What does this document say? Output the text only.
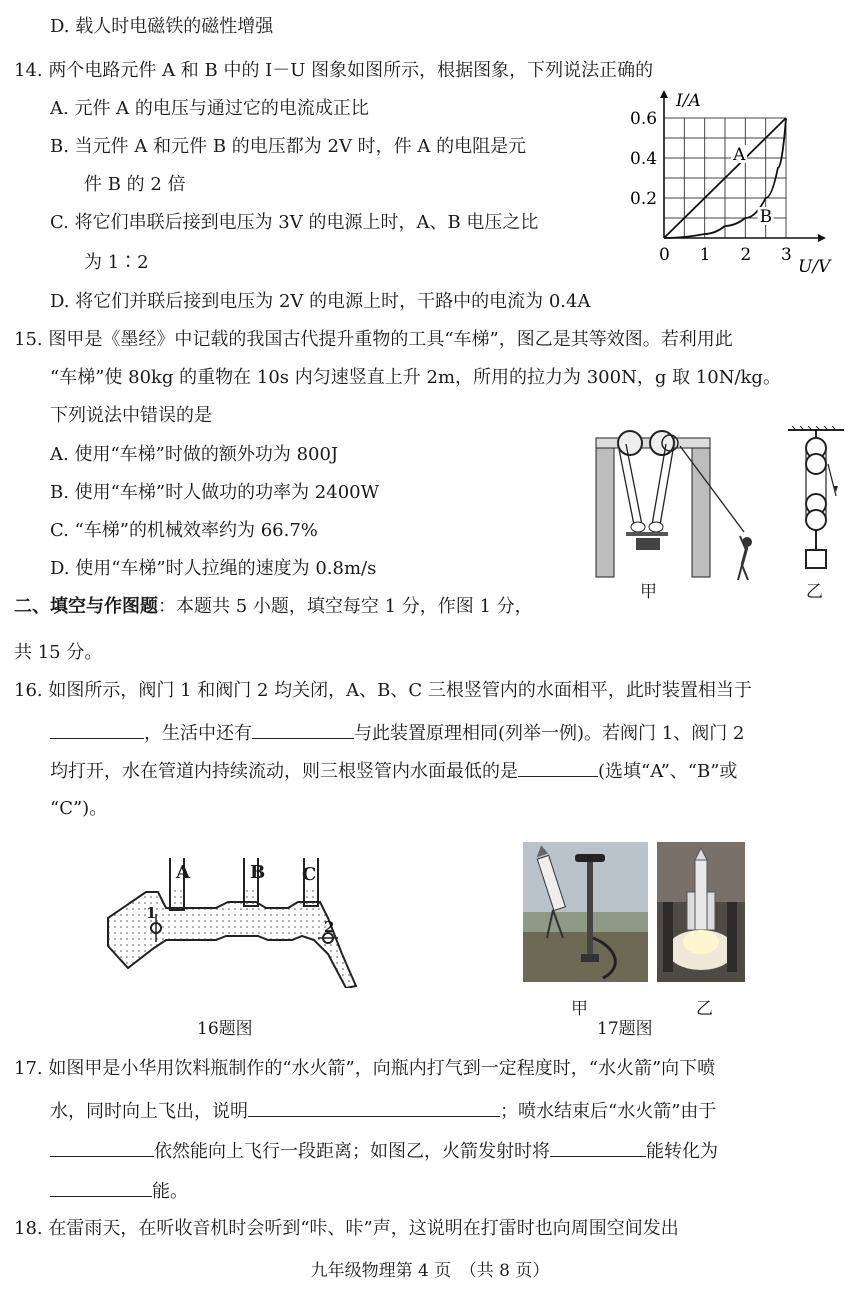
D. 载人时电磁铁的磁性增强
14. 两个电路元件 A 和 B 中的 I－U 图象如图所示，根据图象，下列说法正确的
A. 元件 A 的电压与通过它的电流成正比
B. 当元件 A 和元件 B 的电压都为 2V 时，件 A 的电阻是元
件 B 的 2 倍
C. 将它们串联后接到电压为 3V 的电源上时，A、B 电压之比
为 1∶2
D. 将它们并联后接到电压为 2V 的电源上时，干路中的电流为 0.4A
0 1 2 3
0.2
0.4
0.6
A
B
I/A
U/V
15. 图甲是《墨经》中记载的我国古代提升重物的工具“车梯”，图乙是其等效图。若利用此
“车梯”使 80kg 的重物在 10s 内匀速竖直上升 2m，所用的拉力为 300N，g 取 10N/kg。
下列说法中错误的是
A. 使用“车梯”时做的额外功为 800J
B. 使用“车梯”时人做功的功率为 2400W
C. “车梯”的机械效率约为 66.7%
D. 使用“车梯”时人拉绳的速度为 0.8m/s
甲	乙
二、填空与作图题：本题共 5 小题，填空每空 1 分，作图 1 分，
共 15 分。
16. 如图所示，阀门 1 和阀门 2 均关闭，A、B、C 三根竖管内的水面相平，此时装置相当于
，生活中还有	与此装置原理相同(列举一例)。若阀门 1、阀门 2
均打开，水在管道内持续流动，则三根竖管内水面最低的是	(选填“A”、“B”或
“C”)。
A	B C
1
2
16题图
甲	乙
17题图
17. 如图甲是小华用饮料瓶制作的“水火箭”，向瓶内打气到一定程度时，“水火箭”向下喷
水，同时向上飞出，说明	；喷水结束后“水火箭”由于
依然能向上飞行一段距离；如图乙，火箭发射时将	能转化为
能。
18. 在雷雨天，在听收音机时会听到“咔、咔”声，这说明在打雷时也向周围空间发出
九年级物理第 4 页　（共 8 页）
